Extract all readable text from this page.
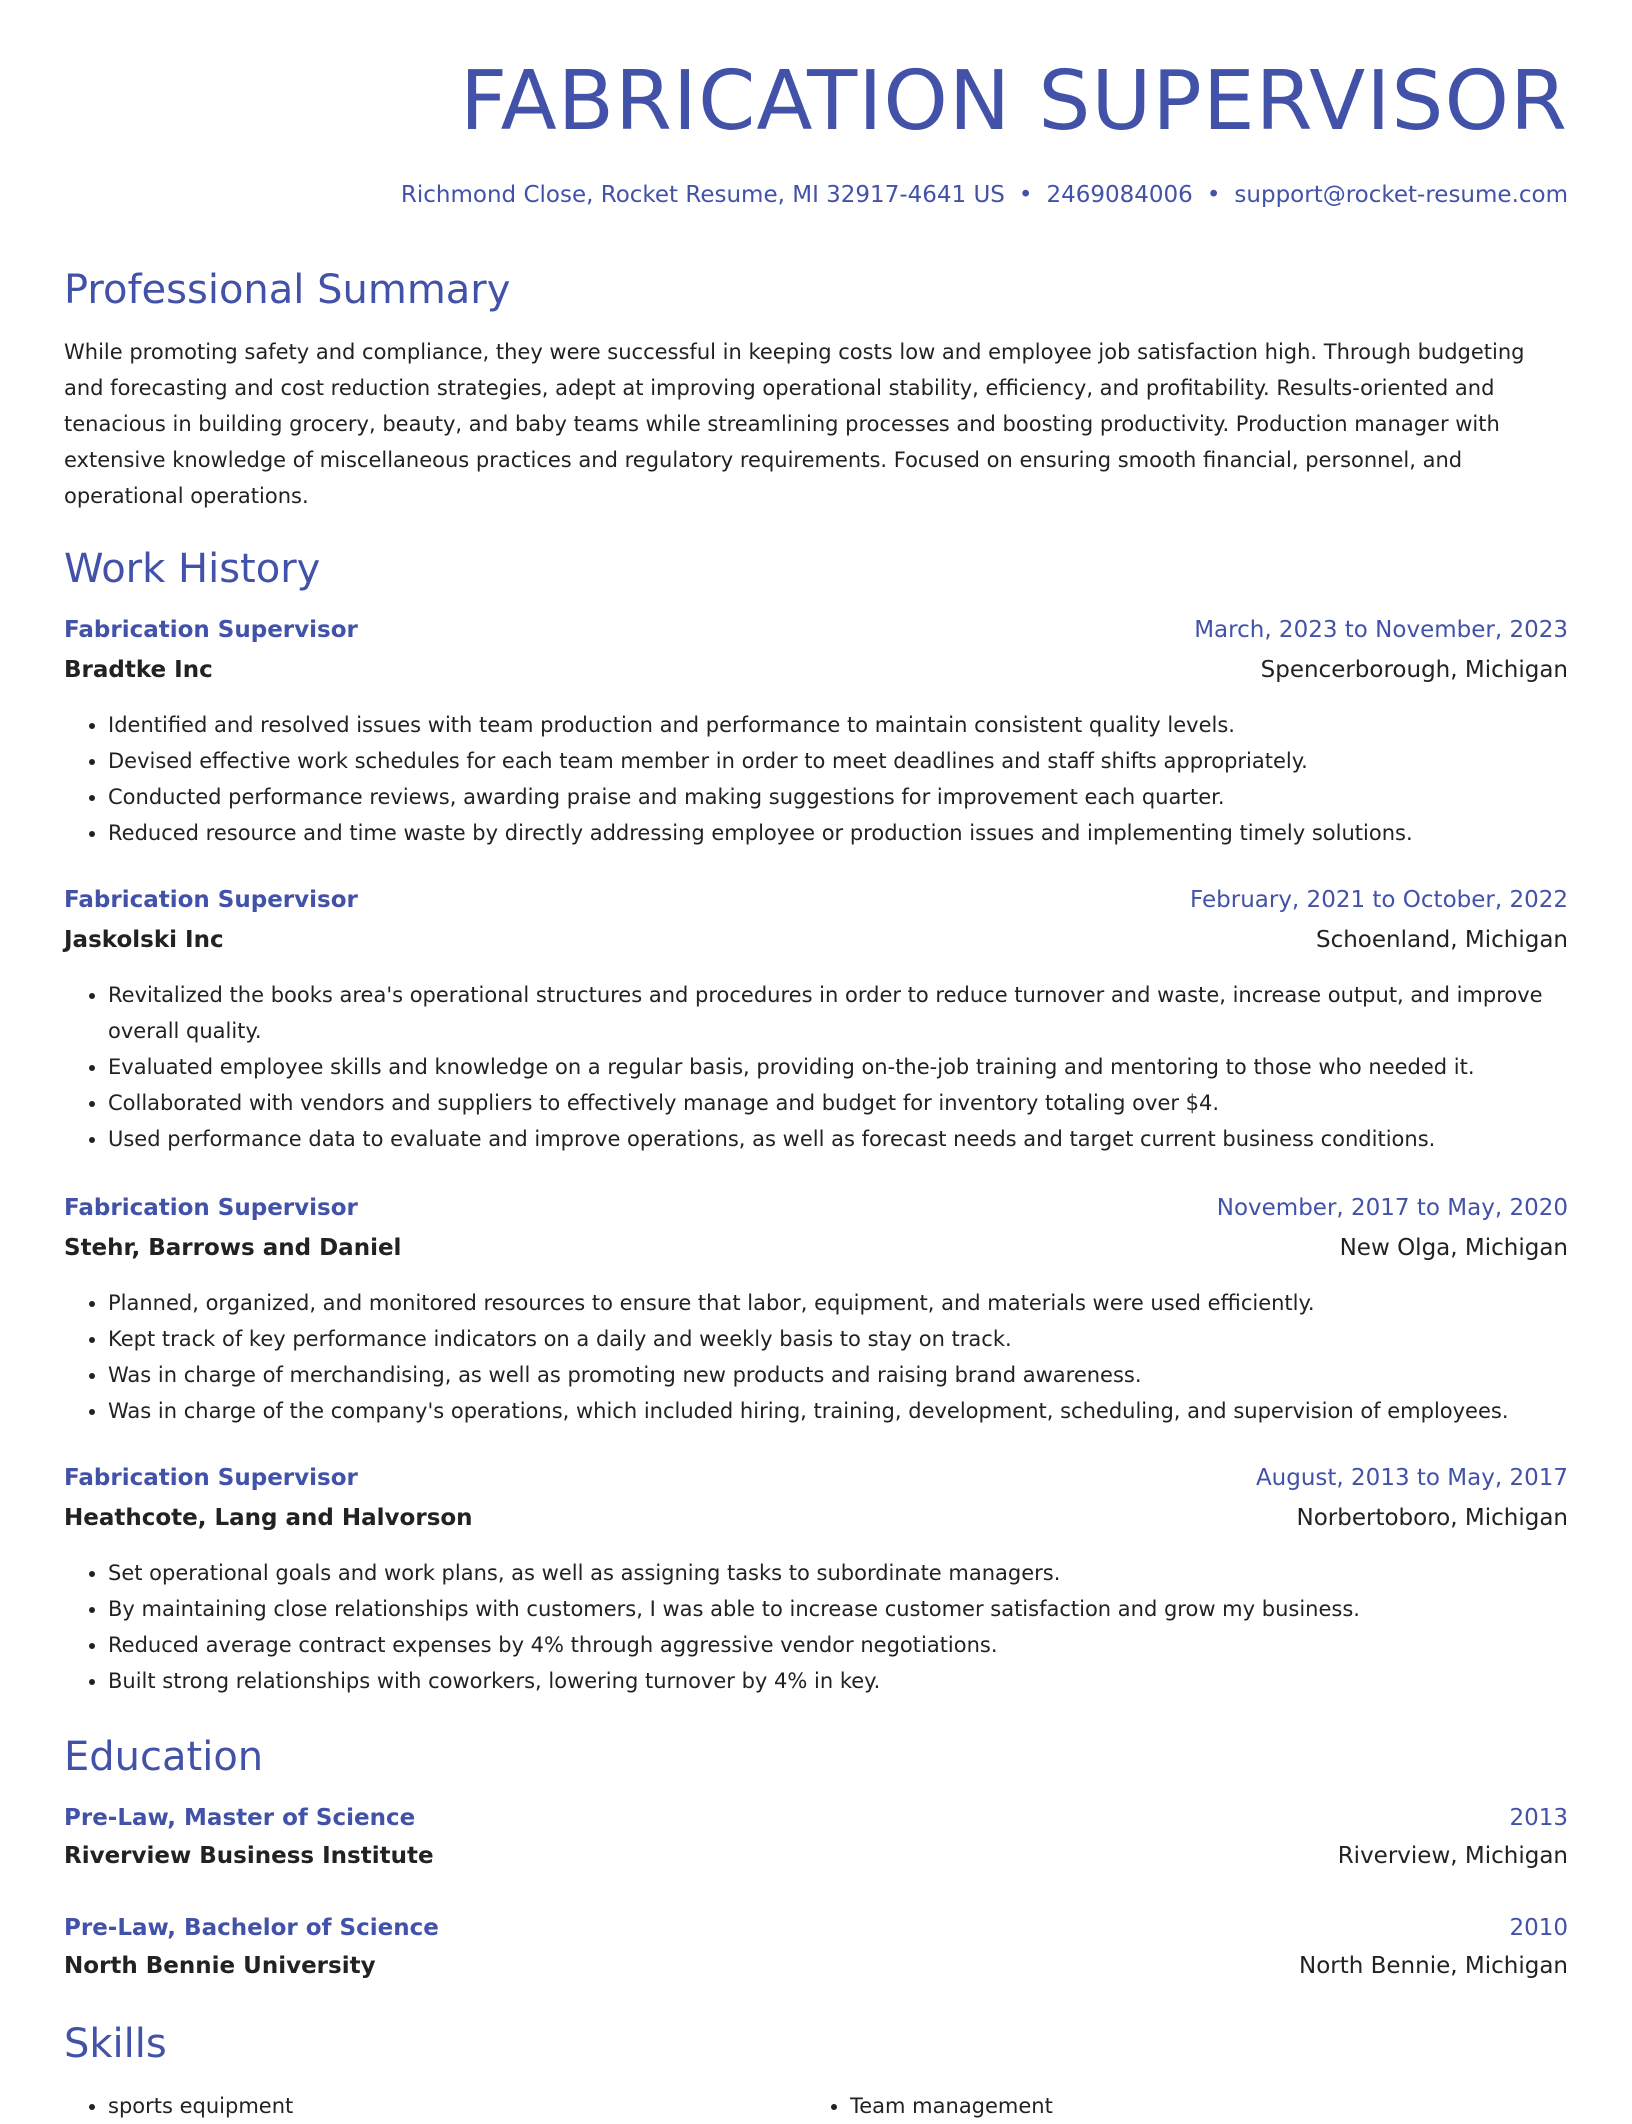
FABRICATION SUPERVISOR
Richmond Close, Rocket Resume, MI 32917-4641 US • 2469084006 • support@rocket-resume.com
Professional Summary

While promoting safety and compliance, they were successful in keeping costs low and employee job satisfaction high. Through budgeting and forecasting and cost reduction strategies, adept at improving operational stability, efficiency, and profitability. Results-oriented and tenacious in building grocery, beauty, and baby teams while streamlining processes and boosting productivity. Production manager with extensive knowledge of miscellaneous practices and regulatory requirements. Focused on ensuring smooth financial, personnel, and operational operations.

Work History
Fabrication Supervisor	March, 2023 to November, 2023
Bradtke Inc	Spencerborough, Michigan
• Identified and resolved issues with team production and performance to maintain consistent quality levels.
• Devised effective work schedules for each team member in order to meet deadlines and staff shifts appropriately.
• Conducted performance reviews, awarding praise and making suggestions for improvement each quarter.
• Reduced resource and time waste by directly addressing employee or production issues and implementing timely solutions.
Fabrication Supervisor	February, 2021 to October, 2022
Jaskolski Inc	Schoenland, Michigan
• Revitalized the books area's operational structures and procedures in order to reduce turnover and waste, increase output, and improve overall quality.
• Evaluated employee skills and knowledge on a regular basis, providing on-the-job training and mentoring to those who needed it.
• Collaborated with vendors and suppliers to effectively manage and budget for inventory totaling over $4.
• Used performance data to evaluate and improve operations, as well as forecast needs and target current business conditions.
Fabrication Supervisor	November, 2017 to May, 2020
Stehr, Barrows and Daniel	New Olga, Michigan
• Planned, organized, and monitored resources to ensure that labor, equipment, and materials were used efficiently.
• Kept track of key performance indicators on a daily and weekly basis to stay on track.
• Was in charge of merchandising, as well as promoting new products and raising brand awareness.
• Was in charge of the company's operations, which included hiring, training, development, scheduling, and supervision of employees.
Fabrication Supervisor	August, 2013 to May, 2017
Heathcote, Lang and Halvorson	Norbertoboro, Michigan
• Set operational goals and work plans, as well as assigning tasks to subordinate managers.
• By maintaining close relationships with customers, I was able to increase customer satisfaction and grow my business.
• Reduced average contract expenses by 4% through aggressive vendor negotiations.
• Built strong relationships with coworkers, lowering turnover by 4% in key.
Education
Pre-Law, Master of Science	2013
Riverview Business Institute	Riverview, Michigan
Pre-Law, Bachelor of Science	2010
North Bennie University	North Bennie, Michigan
Skills
• sports equipment
•	Team management
